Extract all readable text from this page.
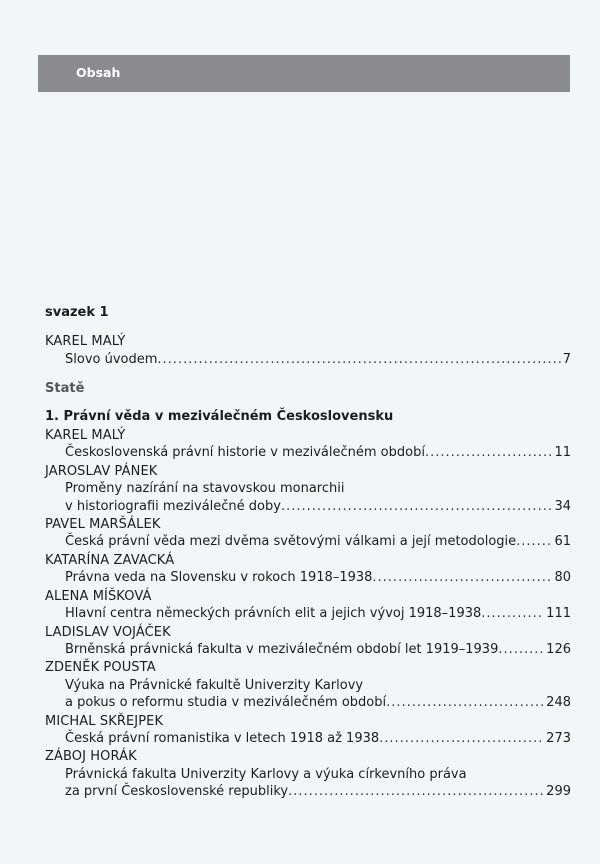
Obsah
svazek 1
KAREL MALÝ
Slovo úvodem .....	7
Statě
1. Právní věda v meziválečném Československu
KAREL MALÝ
Československá právní historie v meziválečném období .....	11
JAROSLAV PÁNEK
Proměny nazírání na stavovskou monarchii
v historiografii meziválečné doby .....	34
PAVEL MARŠÁLEK
Česká právní věda mezi dvěma světovými válkami a její metodologie .....	61
KATARÍNA ZAVACKÁ
Právna veda na Slovensku v rokoch 1918–1938 .....	80
ALENA MÍŠKOVÁ
Hlavní centra německých právních elit a jejich vývoj 1918–1938 .....	111
LADISLAV VOJÁČEK
Brněnská právnická fakulta v meziválečném období let 1919–1939 .....	126
ZDENĚK POUSTA
Výuka na Právnické fakultě Univerzity Karlovy
a pokus o reformu studia v meziválečném období .....	248
MICHAL SKŘEJPEK
Česká právní romanistika v letech 1918 až 1938 .....	273
ZÁBOJ HORÁK
Právnická fakulta Univerzity Karlovy a výuka církevního práva
za první Československé republiky .....	299
